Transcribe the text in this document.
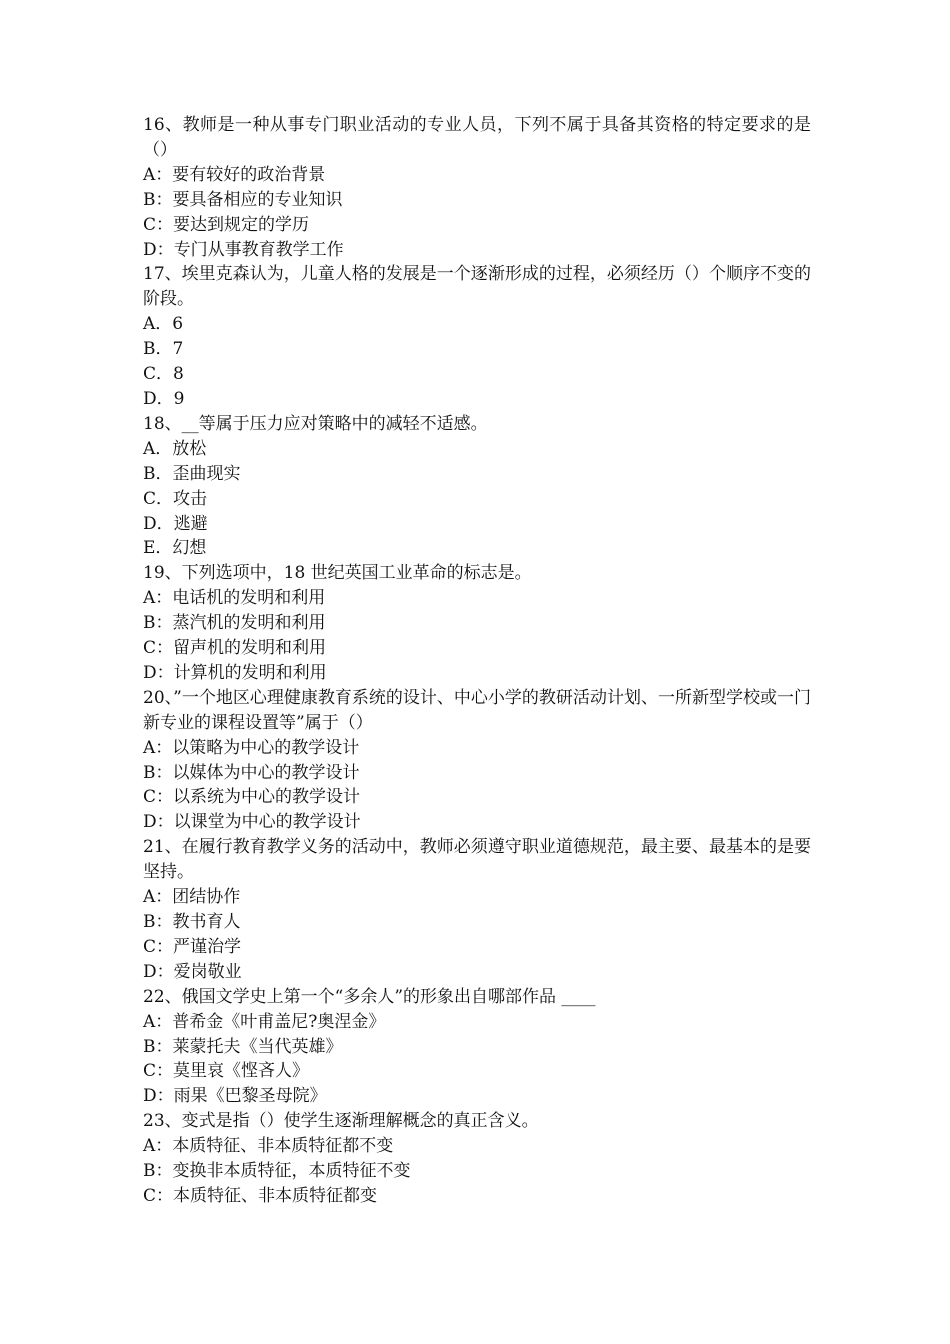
16、教师是一种从事专门职业活动的专业人员，下列不属于具备其资格的特定要求的是（）
A：要有较好的政治背景
B：要具备相应的专业知识
C：要达到规定的学历
D：专门从事教育教学工作
17、埃里克森认为，儿童人格的发展是一个逐渐形成的过程，必须经历（）个顺序不变的阶段。
A．6
B．7
C．8
D．9
18、__等属于压力应对策略中的减轻不适感。
A．放松
B．歪曲现实
C．攻击
D．逃避
E．幻想
19、下列选项中，18 世纪英国工业革命的标志是。
A：电话机的发明和利用
B：蒸汽机的发明和利用
C：留声机的发明和利用
D：计算机的发明和利用
20、”一个地区心理健康教育系统的设计、中心小学的教研活动计划、一所新型学校或一门新专业的课程设置等”属于（）
A：以策略为中心的教学设计
B：以媒体为中心的教学设计
C：以系统为中心的教学设计
D：以课堂为中心的教学设计
21、在履行教育教学义务的活动中，教师必须遵守职业道德规范，最主要、最基本的是要坚持。
A：团结协作
B：教书育人
C：严谨治学
D：爱岗敬业
22、俄国文学史上第一个“多余人”的形象出自哪部作品 ____
A：普希金《叶甫盖尼?奥涅金》
B：莱蒙托夫《当代英雄》
C：莫里哀《悭吝人》
D：雨果《巴黎圣母院》
23、变式是指（）使学生逐渐理解概念的真正含义。
A：本质特征、非本质特征都不变
B：变换非本质特征，本质特征不变
C：本质特征、非本质特征都变
